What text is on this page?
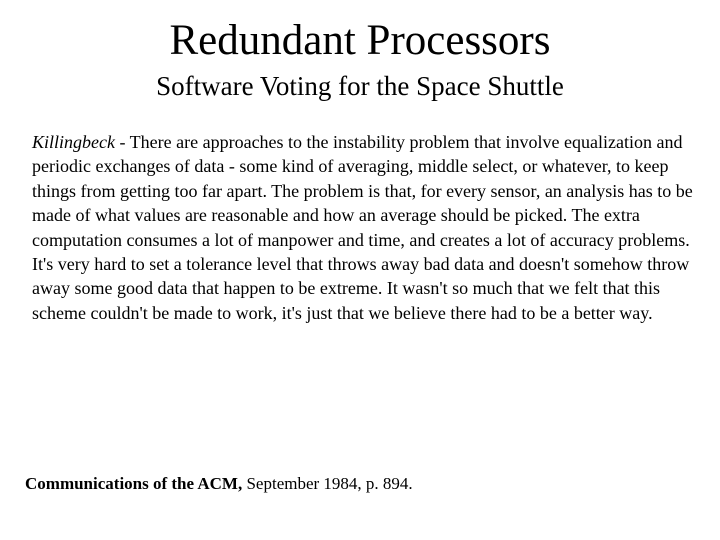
Redundant Processors
Software Voting for the Space Shuttle

Killingbeck - There are approaches to the instability problem that involve equalization and periodic exchanges of data - some kind of averaging, middle select, or whatever, to keep things from getting too far apart. The problem is that, for every sensor, an analysis has to be made of what values are reasonable and how an average should be picked. The extra computation consumes a lot of manpower and time, and creates a lot of accuracy problems. It's very hard to set a tolerance level that throws away bad data and doesn't somehow throw away some good data that happen to be extreme. It wasn't so much that we felt that this scheme couldn't be made to work, it's just that we believe there had to be a better way.

Communications of the ACM, September 1984, p. 894.
